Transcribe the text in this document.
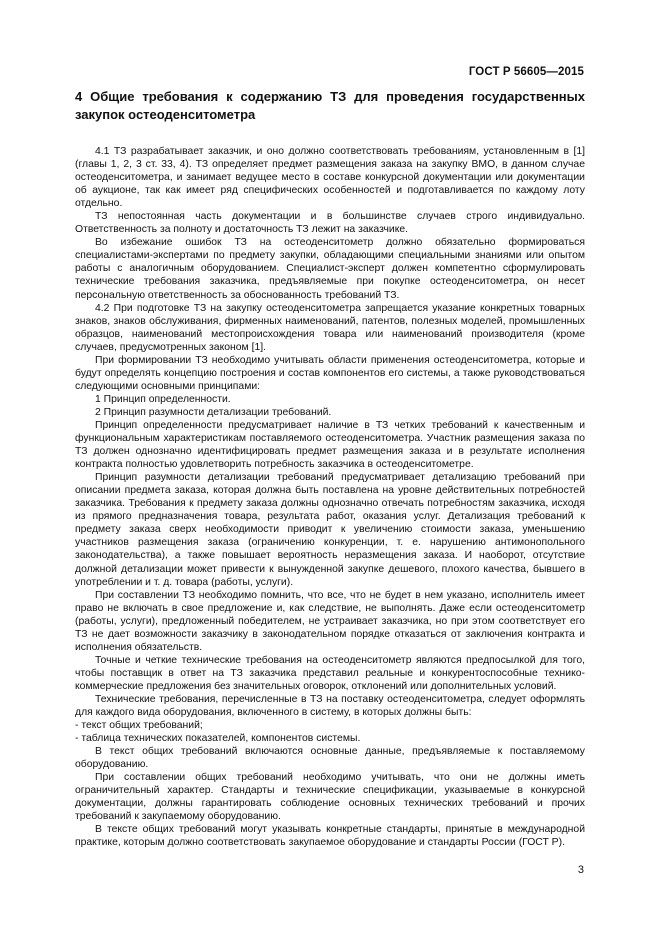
ГОСТ Р 56605—2015
4 Общие требования к содержанию ТЗ для проведения государственных закупок остеоденситометра

4.1 ТЗ разрабатывает заказчик, и оно должно соответствовать требованиям, установленным в [1] (главы 1, 2, 3 ст. 33, 4). ТЗ определяет предмет размещения заказа на закупку ВМО, в данном случае остеоденситометра, и занимает ведущее место в составе конкурсной документации или документации об аукционе, так как имеет ряд специфических особенностей и подготавливается по каждому лоту отдельно.

ТЗ непостоянная часть документации и в большинстве случаев строго индивидуально. Ответственность за полноту и достаточность ТЗ лежит на заказчике.

Во избежание ошибок ТЗ на остеоденситометр должно обязательно формироваться специалистами-экспертами по предмету закупки, обладающими специальными знаниями или опытом работы с аналогичным оборудованием. Специалист-эксперт должен компетентно сформулировать технические требования заказчика, предъявляемые при покупке остеоденситометра, он несет персональную ответственность за обоснованность требований ТЗ.

4.2 При подготовке ТЗ на закупку остеоденситометра запрещается указание конкретных товарных знаков, знаков обслуживания, фирменных наименований, патентов, полезных моделей, промышленных образцов, наименований местопроисхождения товара или наименований производителя (кроме случаев, предусмотренных законом [1].

При формировании ТЗ необходимо учитывать области применения остеоденситометра, которые и будут определять концепцию построения и состав компонентов его системы, а также руководствоваться следующими основными принципами:

1 Принцип определенности.

2 Принцип разумности детализации требований.

Принцип определенности предусматривает наличие в ТЗ четких требований к качественным и функциональным характеристикам поставляемого остеоденситометра. Участник размещения заказа по ТЗ должен однозначно идентифицировать предмет размещения заказа и в результате исполнения контракта полностью удовлетворить потребность заказчика в остеоденситометре.

Принцип разумности детализации требований предусматривает детализацию требований при описании предмета заказа, которая должна быть поставлена на уровне действительных потребностей заказчика. Требования к предмету заказа должны однозначно отвечать потребностям заказчика, исходя из прямого предназначения товара, результата работ, оказания услуг. Детализация требований к предмету заказа сверх необходимости приводит к увеличению стоимости заказа, уменьшению участников размещения заказа (ограничению конкуренции, т. е. нарушению антимонопольного законодательства), а также повышает вероятность неразмещения заказа. И наоборот, отсутствие должной детализации может привести к вынужденной закупке дешевого, плохого качества, бывшего в употреблении и т. д. товара (работы, услуги).

При составлении ТЗ необходимо помнить, что все, что не будет в нем указано, исполнитель имеет право не включать в свое предложение и, как следствие, не выполнять. Даже если остеоденситометр (работы, услуги), предложенный победителем, не устраивает заказчика, но при этом соответствует его ТЗ не дает возможности заказчику в законодательном порядке отказаться от заключения контракта и исполнения обязательств.

Точные и четкие технические требования на остеоденситометр являются предпосылкой для того, чтобы поставщик в ответ на ТЗ заказчика представил реальные и конкурентоспособные технико-коммерческие предложения без значительных оговорок, отклонений или дополнительных условий.

Технические требования, перечисленные в ТЗ на поставку остеоденситометра, следует оформлять для каждого вида оборудования, включенного в систему, в которых должны быть:

- текст общих требований;

- таблица технических показателей, компонентов системы.

В текст общих требований включаются основные данные, предъявляемые к поставляемому оборудованию.

При составлении общих требований необходимо учитывать, что они не должны иметь ограничительный характер. Стандарты и технические спецификации, указываемые в конкурсной документации, должны гарантировать соблюдение основных технических требований и прочих требований к закупаемому оборудованию.

В тексте общих требований могут указывать конкретные стандарты, принятые в международной практике, которым должно соответствовать закупаемое оборудование и стандарты России (ГОСТ Р).

3
